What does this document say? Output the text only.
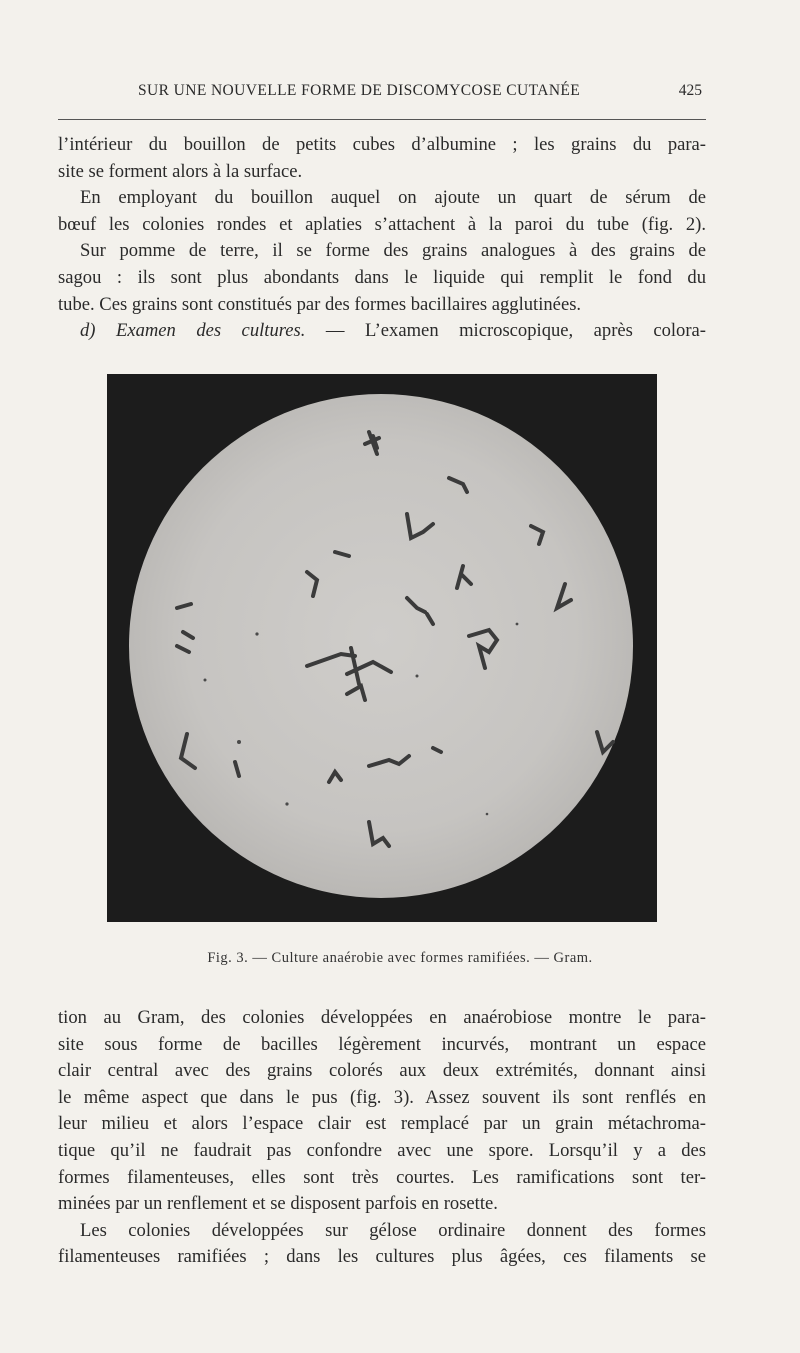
SUR UNE NOUVELLE FORME DE DISCOMYCOSE CUTANÉE	425
l’intérieur du bouillon de petits cubes d’albumine ; les grains du para-
site se forment alors à la surface.
En employant du bouillon auquel on ajoute un quart de sérum de
bœuf les colonies rondes et aplaties s’attachent à la paroi du tube (fig. 2).
Sur pomme de terre, il se forme des grains analogues à des grains de
sagou : ils sont plus abondants dans le liquide qui remplit le fond du
tube. Ces grains sont constitués par des formes bacillaires agglutinées.
d) Examen des cultures. — L’examen microscopique, après colora-
Fig. 3. — Culture anaérobie avec formes ramifiées. — Gram.
tion au Gram, des colonies développées en anaérobiose montre le para-
site sous forme de bacilles légèrement incurvés, montrant un espace
clair central avec des grains colorés aux deux extrémités, donnant ainsi
le même aspect que dans le pus (fig. 3). Assez souvent ils sont renflés en
leur milieu et alors l’espace clair est remplacé par un grain métachroma-
tique qu’il ne faudrait pas confondre avec une spore. Lorsqu’il y a des
formes filamenteuses, elles sont très courtes. Les ramifications sont ter-
minées par un renflement et se disposent parfois en rosette.
Les colonies développées sur gélose ordinaire donnent des formes
filamenteuses ramifiées ; dans les cultures plus âgées, ces filaments se
